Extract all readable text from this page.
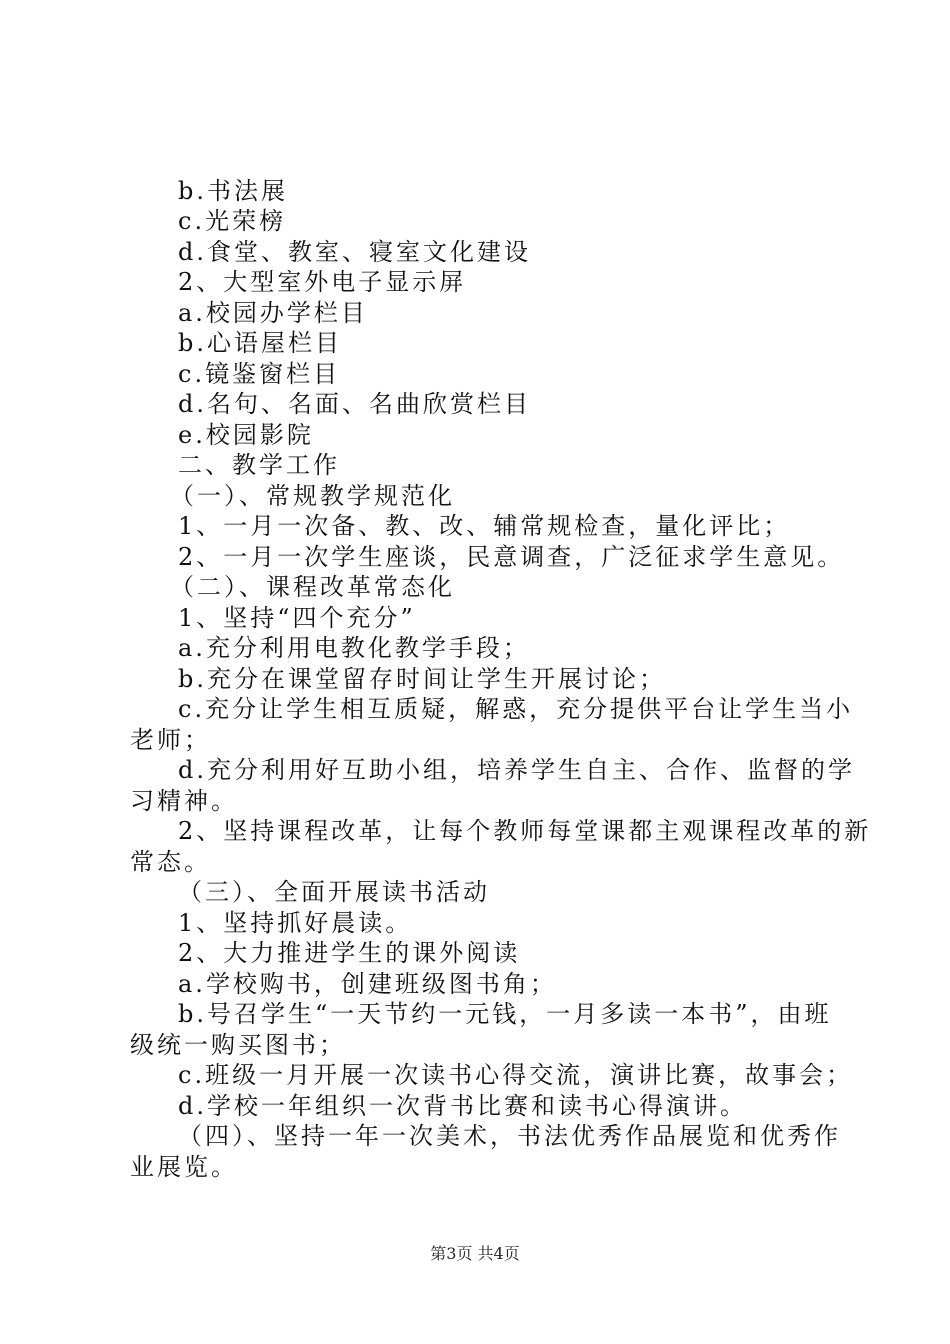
b.书法展
c.光荣榜
d.食堂、教室、寝室文化建设
2、大型室外电子显示屏
a.校园办学栏目
b.心语屋栏目
c.镜鉴窗栏目
d.名句、名面、名曲欣赏栏目
e.校园影院
二、教学工作
（一）、常规教学规范化
1、一月一次备、教、改、辅常规检查，量化评比；
2、一月一次学生座谈，民意调查，广泛征求学生意见。
（二）、课程改革常态化
1、坚持“四个充分”
a.充分利用电教化教学手段；
b.充分在课堂留存时间让学生开展讨论；
c.充分让学生相互质疑，解惑，充分提供平台让学生当小
老师；
d.充分利用好互助小组，培养学生自主、合作、监督的学
习精神。
2、坚持课程改革，让每个教师每堂课都主观课程改革的新
常态。
（三）、全面开展读书活动
1、坚持抓好晨读。
2、大力推进学生的课外阅读
a.学校购书，创建班级图书角；
b.号召学生“一天节约一元钱，一月多读一本书”，由班
级统一购买图书；
c.班级一月开展一次读书心得交流，演讲比赛，故事会；
d.学校一年组织一次背书比赛和读书心得演讲。
（四）、坚持一年一次美术，书法优秀作品展览和优秀作
业展览。
第3页 共4页
